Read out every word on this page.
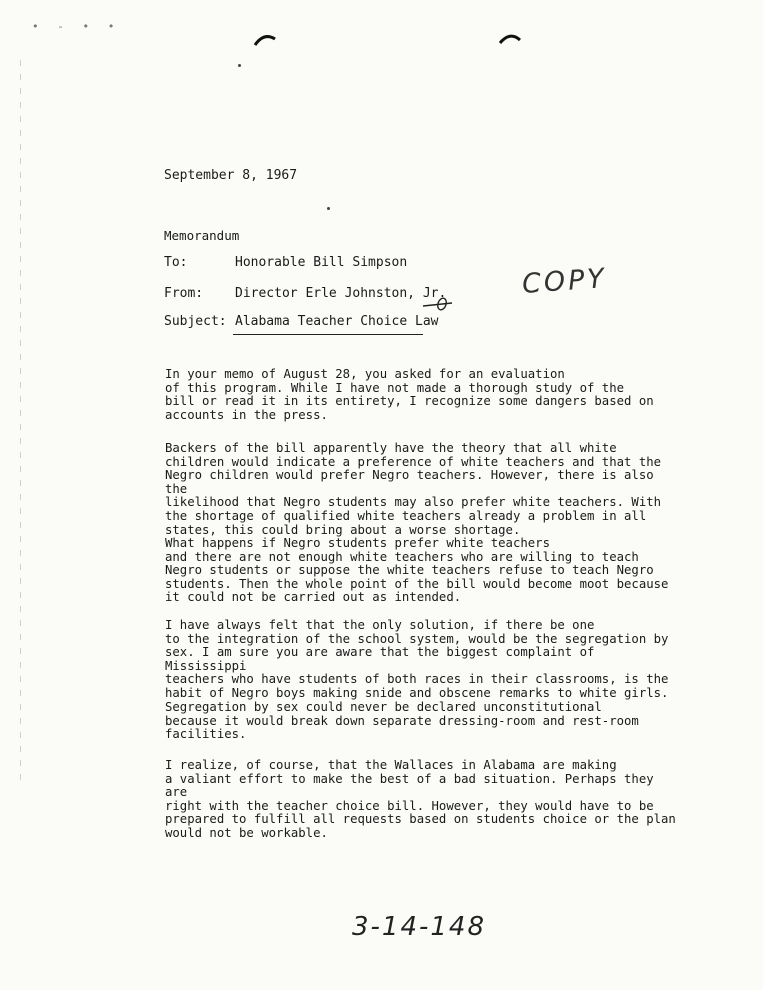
• - • •
September 8, 1967
Memorandum
To:	Honorable Bill Simpson
From:	Director Erle Johnston, Jr.
Subject: Alabama Teacher Choice Law
COPY

In your memo of August 28, you asked for an evaluation
of this program. While I have not made a thorough study of the
bill or read it in its entirety, I recognize some dangers based on
accounts in the press.

Backers of the bill apparently have the theory that all white
children would indicate a preference of white teachers and that the
Negro children would prefer Negro teachers. However, there is also the
likelihood that Negro students may also prefer white teachers. With
the shortage of qualified white teachers already a problem in all
states, this could bring about a worse shortage.

What happens if Negro students prefer white teachers
and there are not enough white teachers who are willing to teach
Negro students or suppose the white teachers refuse to teach Negro
students. Then the whole point of the bill would become moot because
it could not be carried out as intended.

I have always felt that the only solution, if there be one
to the integration of the school system, would be the segregation by
sex. I am sure you are aware that the biggest complaint of Mississippi
teachers who have students of both races in their classrooms, is the
habit of Negro boys making snide and obscene remarks to white girls.

Segregation by sex could never be declared unconstitutional
because it would break down separate dressing-room and rest-room
facilities.

I realize, of course, that the Wallaces in Alabama are making
a valiant effort to make the best of a bad situation. Perhaps they are
right with the teacher choice bill. However, they would have to be
prepared to fulfill all requests based on students choice or the plan
would not be workable.

3-14-148
